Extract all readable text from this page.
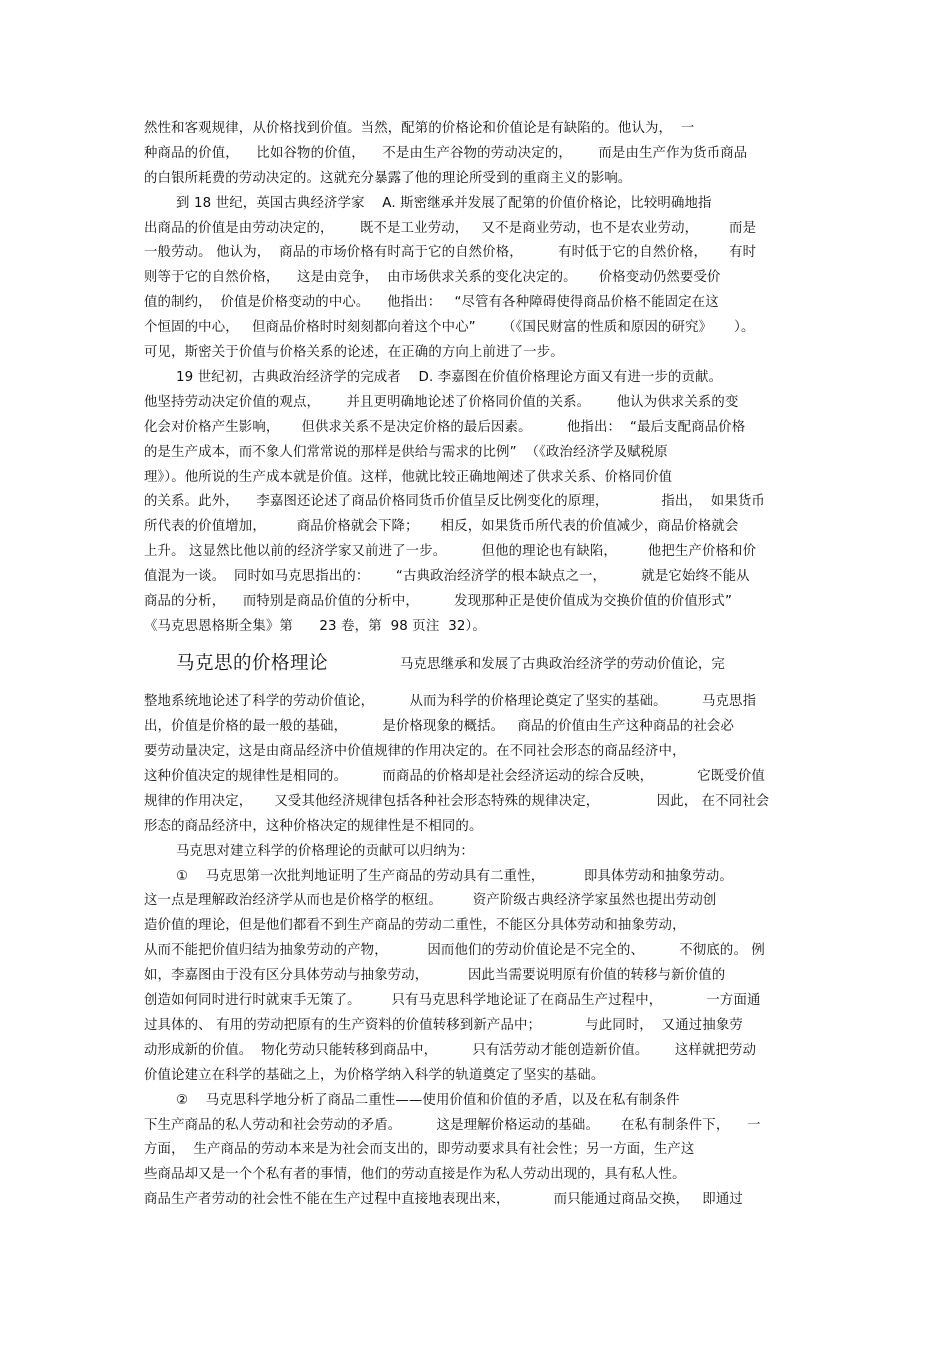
然性和客观规律，从价格找到价值。当然，配第的价格论和价值论是有缺陷的。他认为，  一
种商品的价值，    比如谷物的价值，    不是由生产谷物的劳动决定的，      而是由生产作为货币商品
的白银所耗费的劳动决定的。这就充分暴露了他的理论所受到的重商主义的影响。
到 18 世纪，英国古典经济学家    A. 斯密继承并发展了配第的价值价格论，比较明确地指
出商品的价值是由劳动决定的，      既不是工业劳动，   又不是商业劳动，也不是农业劳动，       而是
一般劳动。 他认为，  商品的市场价格有时高于它的自然价格，        有时低于它的自然价格，     有时
则等于它的自然价格，    这是由竞争，  由市场供求关系的变化决定的。     价格变动仍然要受价
值的制约，  价值是价格变动的中心。    他指出：   “尽管有各种障碍使得商品价格不能固定在这
个恒固的中心，   但商品价格时时刻刻都向着这个中心”      （《国民财富的性质和原因的研究》     ）。
可见，斯密关于价值与价格关系的论述，在正确的方向上前进了一步。
19 世纪初，古典政治经济学的完成者    D. 李嘉图在价值价格理论方面又有进一步的贡献。
他坚持劳动决定价值的观点，      并且更明确地论述了价格同价值的关系。      他认为供求关系的变
化会对价格产生影响，     但供求关系不是决定价格的最后因素。        他指出：  “最后支配商品价格
的是生产成本，而不象人们常常说的那样是供给与需求的比例”  （《政治经济学及赋税原
理》）。他所说的生产成本就是价值。这样，他就比较正确地阐述了供求关系、价格同价值
的关系。此外，    李嘉图还论述了商品价格同货币价值呈反比例变化的原理，            指出，  如果货币
所代表的价值增加，       商品价格就会下降；     相反，如果货币所代表的价值减少，商品价格就会
上升。 这显然比他以前的经济学家又前进了一步。        但他的理论也有缺陷，       他把生产价格和价
值混为一谈。  同时如马克思指出的：      “古典政治经济学的根本缺点之一，        就是它始终不能从
商品的分析，    而特别是商品价值的分析中，        发现那种正是使价值成为交换价值的价值形式”
《马克思恩格斯全集》第      23 卷，第  98 页注  32）。
马克思的价格理论	马克思继承和发展了古典政治经济学的劳动价值论，完
整地系统地论述了科学的劳动价值论，        从而为科学的价格理论奠定了坚实的基础。        马克思指
出，价值是价格的最一般的基础，        是价格现象的概括。   商品的价值由生产这种商品的社会必
要劳动量决定，这是由商品经济中价值规律的作用决定的。在不同社会形态的商品经济中，
这种价值决定的规律性是相同的。        而商品的价格却是社会经济运动的综合反映，          它既受价值
规律的作用决定，     又受其他经济规律包括各种社会形态特殊的规律决定，             因此， 在不同社会
形态的商品经济中，这种价格决定的规律性是不相同的。
马克思对建立科学的价格理论的贡献可以归纳为：
①    马克思第一次批判地证明了生产商品的劳动具有二重性，         即具体劳动和抽象劳动。
这一点是理解政治经济学从而也是价格学的枢纽。       资产阶级古典经济学家虽然也提出劳动创
造价值的理论，但是他们都看不到生产商品的劳动二重性，不能区分具体劳动和抽象劳动，
从而不能把价值归结为抽象劳动的产物，         因而他们的劳动价值论是不完全的、        不彻底的。 例
如，李嘉图由于没有区分具体劳动与抽象劳动，         因此当需要说明原有价值的转移与新价值的
创造如何同时进行时就束手无策了。       只有马克思科学地论证了在商品生产过程中，          一方面通
过具体的、 有用的劳动把原有的生产资料的价值转移到新产品中；          与此同时，  又通过抽象劳
动形成新的价值。  物化劳动只能转移到商品中，        只有活劳动才能创造新价值。      这样就把劳动
价值论建立在科学的基础之上，为价格学纳入科学的轨道奠定了坚实的基础。
②    马克思科学地分析了商品二重性——使用价值和价值的矛盾，以及在私有制条件
下生产商品的私人劳动和社会劳动的矛盾。        这是理解价格运动的基础。     在私有制条件下，    一
方面，  生产商品的劳动本来是为社会而支出的，即劳动要求具有社会性；另一方面，生产这
些商品却又是一个个私有者的事情，他们的劳动直接是作为私人劳动出现的，具有私人性。
商品生产者劳动的社会性不能在生产过程中直接地表现出来，          而只能通过商品交换，   即通过
